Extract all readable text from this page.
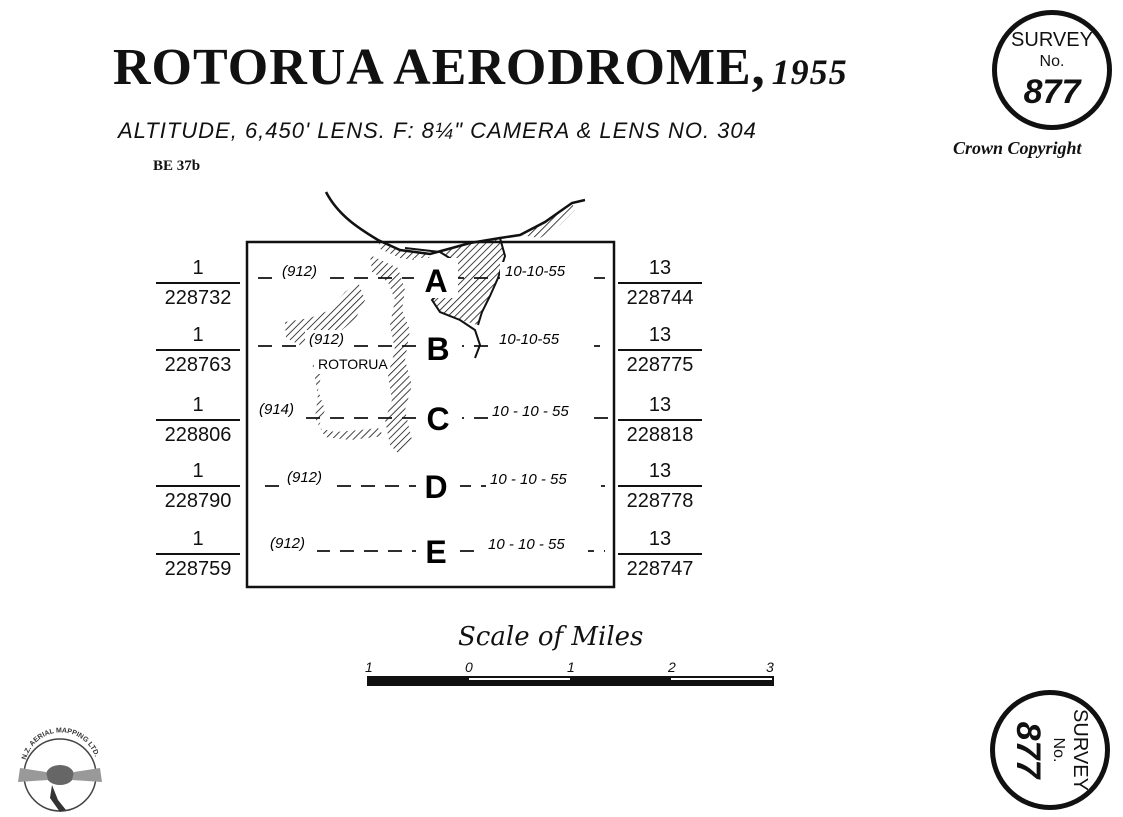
ROTORUA AERODROME, 1955
ALTITUDE, 6,450' LENS. F: 8¼" CAMERA & LENS NO. 304
BE 37b
Crown Copyright
SURVEY
No.
877
SURVEY
No.
877
$\frac{1}{228732}$
$\frac{1}{228763}$
$\frac{1}{228806}$
$\frac{1}{228790}$
$\frac{1}{228759}$
$\frac{13}{228744}$
$\frac{13}{228775}$
$\frac{13}{228818}$
$\frac{13}{228778}$
$\frac{13}{228747}$
A
B
C
D
E
(912)
(912)
(914)
(912)
(912)
10-10-55
10-10-55
10 - 10 - 55
10 - 10 - 55
10 - 10 - 55
ROTORUA
N.Z. AERIAL MAPPING LTD.
Scale of Miles
1	0	1	2	3
